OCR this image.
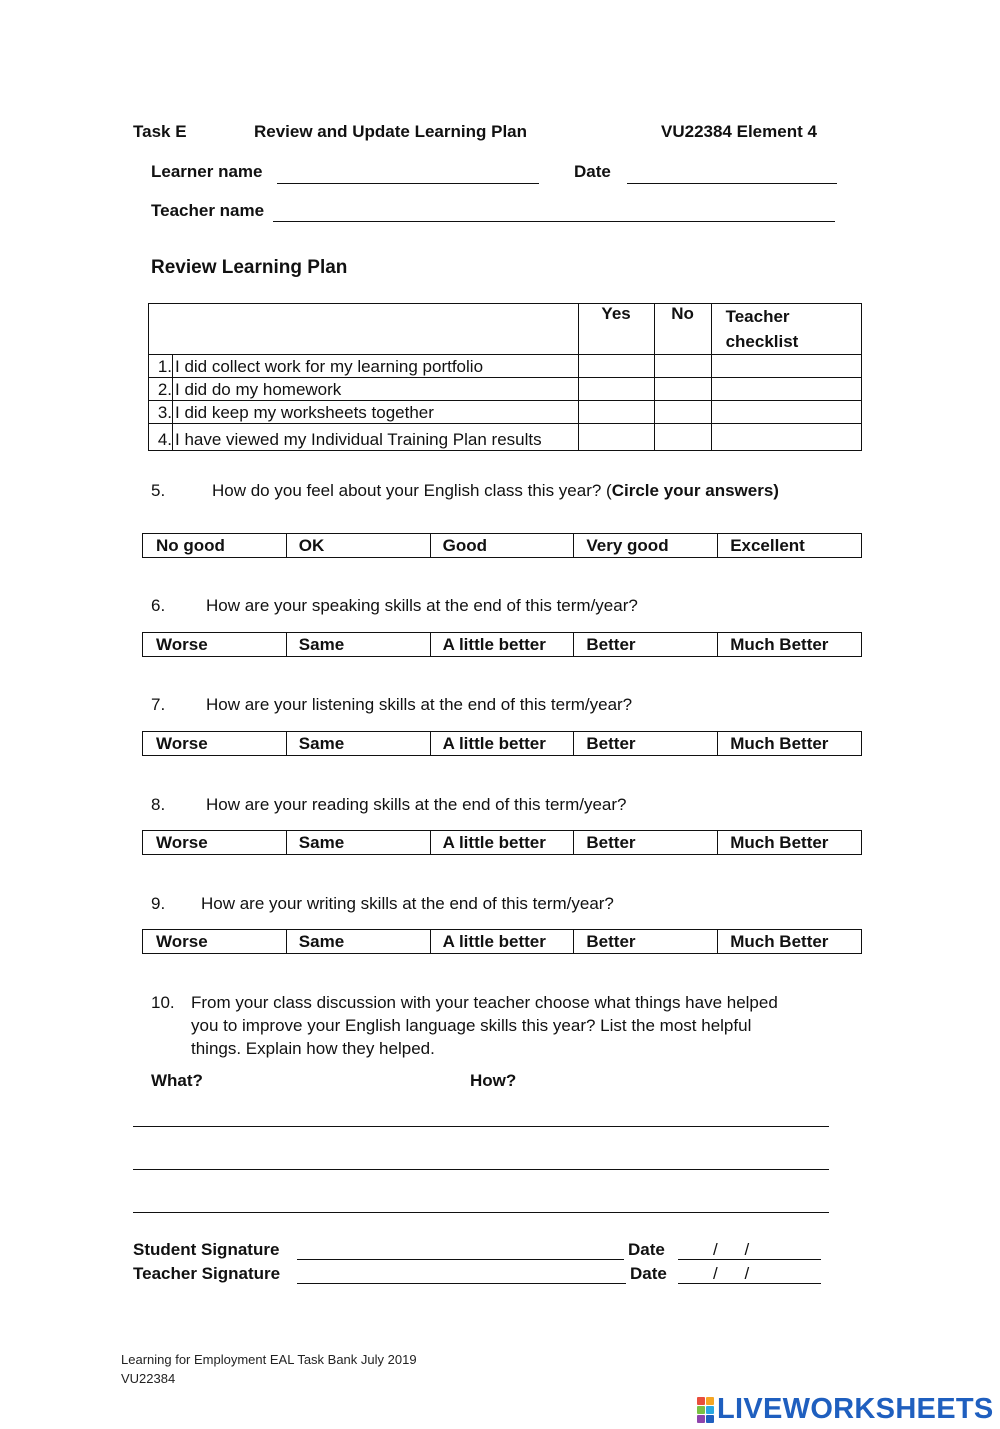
Task E	Review and Update Learning Plan	VU22384 Element 4
Learner name	Date
Teacher name
Review Learning Plan
		Yes	No	Teacher checklist
1.	I did collect work for my learning portfolio			
2.	I did do my homework			
3.	I did keep my worksheets together			
4.	I have viewed my Individual Training Plan results			
5.	How do you feel about your English class this year? (Circle your answers)
No good	OK	Good	Very good	Excellent
6. How are your speaking skills at the end of this term/year?
Worse	Same	A little better	Better	Much Better
7. How are your listening skills at the end of this term/year?
Worse	Same	A little better	Better	Much Better
8. How are your reading skills at the end of this term/year?
Worse	Same	A little better	Better	Much Better
9. How are your writing skills at the end of this term/year?
Worse	Same	A little better	Better	Much Better
10. From your class discussion with your teacher choose what things have helped
you to improve your English language skills this year? List the most helpful
things. Explain how they helped.
What?	How?
Student Signature	Date	/ /
Teacher Signature	Date	/ /
Learning for Employment EAL Task Bank July 2019
VU22384
LIVEWORKSHEETS
